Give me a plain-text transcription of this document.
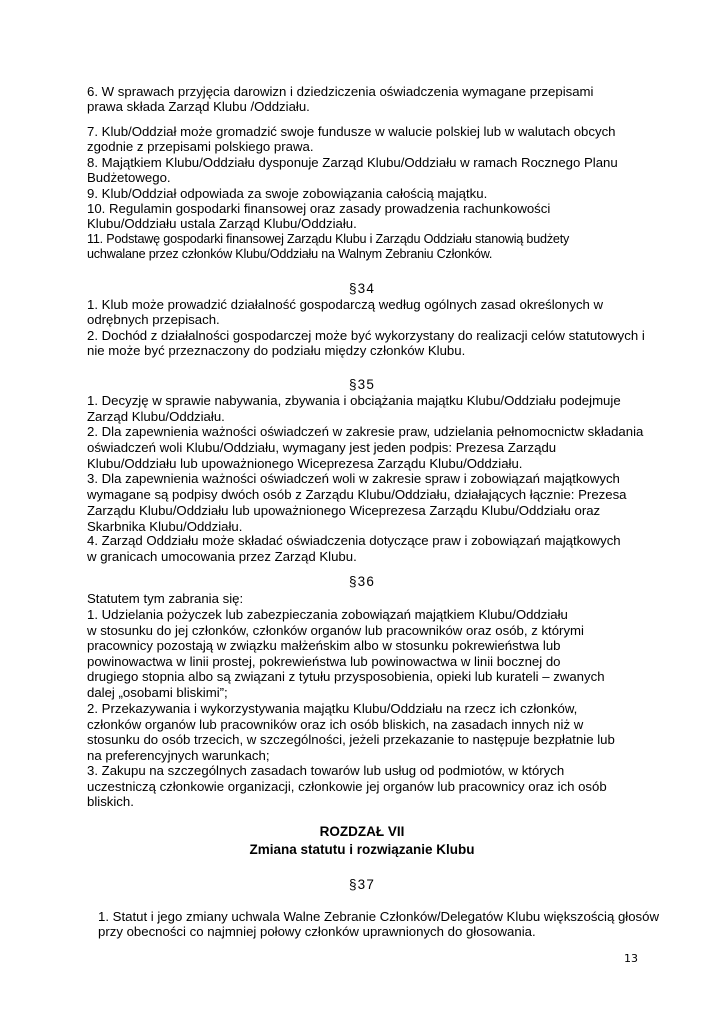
6. W sprawach przyjęcia darowizn i dziedziczenia oświadczenia wymagane przepisami
prawa składa Zarząd Klubu /Oddziału.
7. Klub/Oddział może gromadzić swoje fundusze w walucie polskiej lub w walutach obcych
zgodnie z przepisami polskiego prawa.
8. Majątkiem Klubu/Oddziału dysponuje Zarząd Klubu/Oddziału w ramach Rocznego Planu
Budżetowego.
9. Klub/Oddział odpowiada za swoje zobowiązania całością majątku.
10. Regulamin gospodarki finansowej oraz zasady prowadzenia rachunkowości
Klubu/Oddziału ustala Zarząd Klubu/Oddziału.
11. Podstawę gospodarki finansowej Zarządu Klubu i Zarządu Oddziału stanowią budżety
uchwalane przez członków Klubu/Oddziału na Walnym Zebraniu Członków.
§34
1. Klub może prowadzić działalność gospodarczą według ogólnych zasad określonych w
odrębnych przepisach.
2. Dochód z działalności gospodarczej może być wykorzystany do realizacji celów statutowych i
nie może być przeznaczony do podziału między członków Klubu.
§35
1. Decyzję w sprawie nabywania, zbywania i obciążania majątku Klubu/Oddziału podejmuje
Zarząd Klubu/Oddziału.
2. Dla zapewnienia ważności oświadczeń w zakresie praw, udzielania pełnomocnictw składania
oświadczeń woli Klubu/Oddziału, wymagany jest jeden podpis: Prezesa Zarządu
Klubu/Oddziału lub upoważnionego Wiceprezesa Zarządu Klubu/Oddziału.
3. Dla zapewnienia ważności oświadczeń woli w zakresie spraw i zobowiązań majątkowych
wymagane są podpisy dwóch osób z Zarządu Klubu/Oddziału, działających łącznie: Prezesa
Zarządu Klubu/Oddziału lub upoważnionego Wiceprezesa Zarządu Klubu/Oddziału oraz
Skarbnika Klubu/Oddziału.
4. Zarząd Oddziału może składać oświadczenia dotyczące praw i zobowiązań majątkowych
w granicach umocowania przez Zarząd Klubu.
§36
Statutem tym zabrania się:
1. Udzielania pożyczek lub zabezpieczania zobowiązań majątkiem Klubu/Oddziału
w stosunku do jej członków, członków organów lub pracowników oraz osób, z którymi
pracownicy pozostają w związku małżeńskim albo w stosunku pokrewieństwa lub
powinowactwa w linii prostej, pokrewieństwa lub powinowactwa w linii bocznej do
drugiego stopnia albo są związani z tytułu przysposobienia, opieki lub kurateli – zwanych
dalej „osobami bliskimi”;
2. Przekazywania i wykorzystywania majątku Klubu/Oddziału na rzecz ich członków,
członków organów lub pracowników oraz ich osób bliskich, na zasadach innych niż w
stosunku do osób trzecich, w szczególności, jeżeli przekazanie to następuje bezpłatnie lub
na preferencyjnych warunkach;
3. Zakupu na szczególnych zasadach towarów lub usług od podmiotów, w których
uczestniczą członkowie organizacji, członkowie jej organów lub pracownicy oraz ich osób
bliskich.
ROZDZAŁ VII
Zmiana statutu i rozwiązanie Klubu
§37
1. Statut i jego zmiany uchwala Walne Zebranie Członków/Delegatów Klubu większością głosów
przy obecności co najmniej połowy członków uprawnionych do głosowania.
13
